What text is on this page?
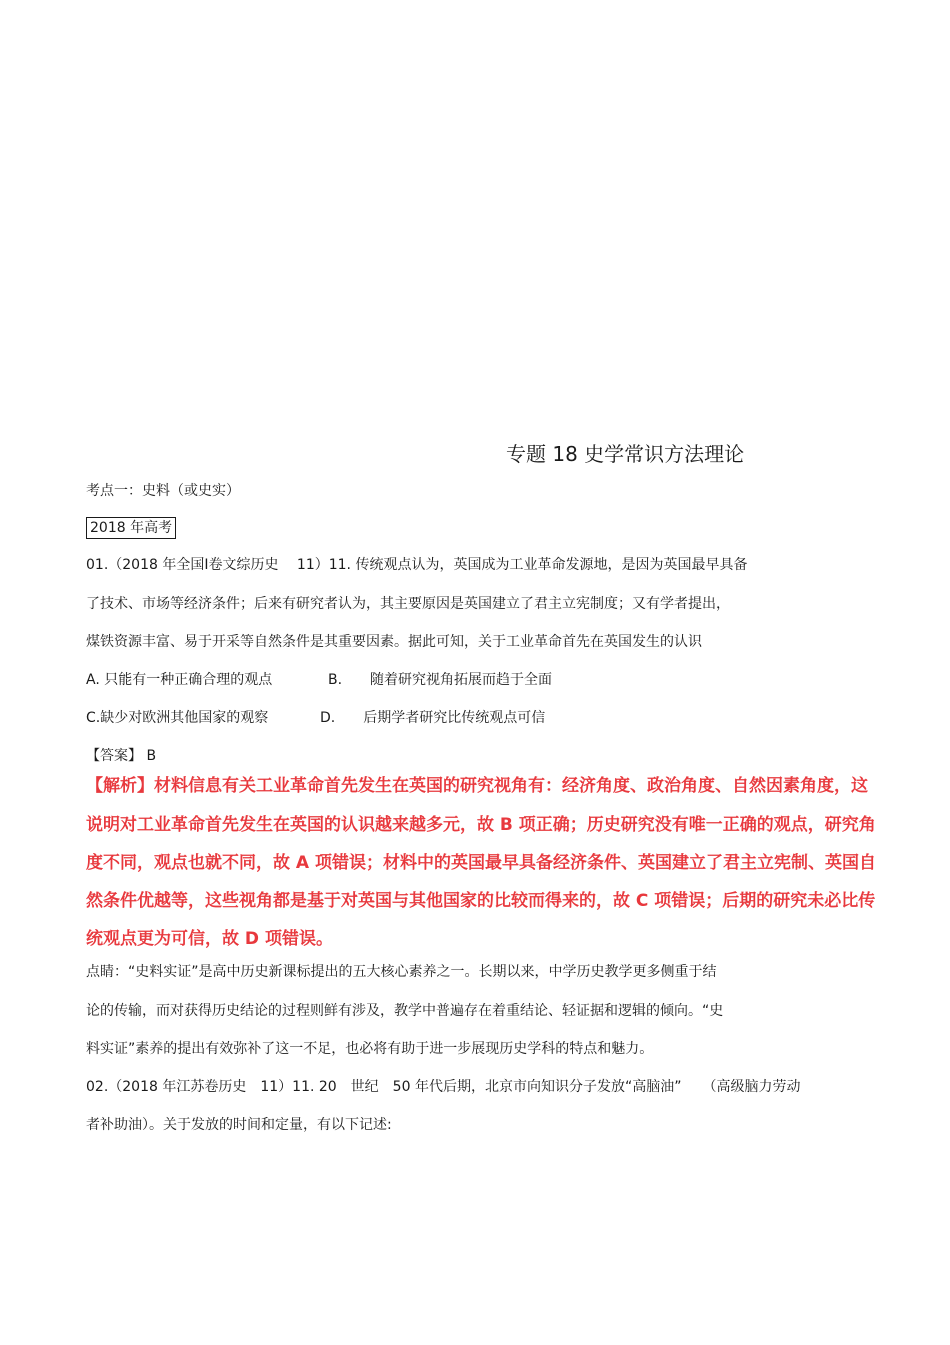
专题 18 史学常识方法理论
考点一：史料（或史实）
2018 年高考
01.（2018 年全国Ⅰ卷文综历史　 11）11. 传统观点认为，英国成为工业革命发源地，是因为英国最早具备
了技术、市场等经济条件；后来有研究者认为，其主要原因是英国建立了君主立宪制度；又有学者提出，
煤铁资源丰富、易于开采等自然条件是其重要因素。据此可知，关于工业革命首先在英国发生的认识
A. 只能有一种正确合理的观点	B.　　随着研究视角拓展而趋于全面
C.缺少对欧洲其他国家的观察	D.　　后期学者研究比传统观点可信
【答案】 B
【解析】材料信息有关工业革命首先发生在英国的研究视角有：经济角度、政治角度、自然因素角度，这
说明对工业革命首先发生在英国的认识越来越多元，故 B 项正确；历史研究没有唯一正确的观点，研究角
度不同，观点也就不同，故 A 项错误；材料中的英国最早具备经济条件、英国建立了君主立宪制、英国自
然条件优越等，这些视角都是基于对英国与其他国家的比较而得来的，故 C 项错误；后期的研究未必比传
统观点更为可信，故 D 项错误。
点睛：“史料实证”是高中历史新课标提出的五大核心素养之一。长期以来，中学历史教学更多侧重于结
论的传输，而对获得历史结论的过程则鲜有涉及，教学中普遍存在着重结论、轻证据和逻辑的倾向。“史
料实证”素养的提出有效弥补了这一不足，也必将有助于进一步展现历史学科的特点和魅力。
02.（2018 年江苏卷历史　11）11. 20　世纪　50 年代后期，北京市向知识分子发放“高脑油”　　（高级脑力劳动
者补助油）。关于发放的时间和定量，有以下记述:
